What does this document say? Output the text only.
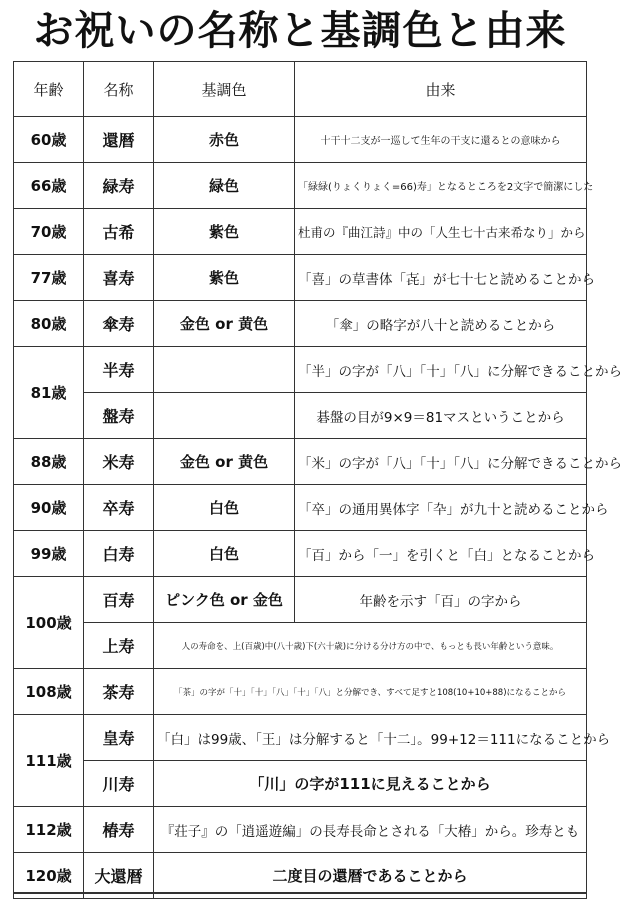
お祝いの名称と基調色と由来
年齢	名称	基調色	由来
60歳	還暦	赤色	十干十二支が一巡して生年の干支に還るとの意味から
66歳	緑寿	緑色	「緑緑(りょくりょく=66)寿」となるところを2文字で簡潔にした
70歳	古希	紫色	杜甫の『曲江詩』中の「人生七十古来希なり」から
77歳	喜寿	紫色	「喜」の草書体「㐂」が七十七と読めることから
80歳	傘寿	金色 or 黄色	「傘」の略字が八十と読めることから
81歳	半寿		「半」の字が「八」「十」「八」に分解できることから
	盤寿		碁盤の目が9×9＝81マスということから
88歳	米寿	金色 or 黄色	「米」の字が「八」「十」「八」に分解できることから
90歳	卒寿	白色	「卒」の通用異体字「卆」が九十と読めることから
99歳	白寿	白色	「百」から「一」を引くと「白」となることから
100歳	百寿	ピンク色 or 金色	年齢を示す「百」の字から
	上寿	人の寿命を、上(百歳)中(八十歳)下(六十歳)に分ける分け方の中で、もっとも長い年齢という意味。	
108歳	茶寿	「茶」の字が「十」「十」「八」「十」「八」と分解でき、すべて足すと108(10+10+88)になることから	
111歳	皇寿	「白」は99歳、「王」は分解すると「十二」。99+12＝111になることから	
	川寿	「川」の字が111に見えることから	
112歳	椿寿	『荘子』の「逍遥遊編」の長寿長命とされる「大椿」から。珍寿とも	
120歳	大還暦	二度目の還暦であることから	
